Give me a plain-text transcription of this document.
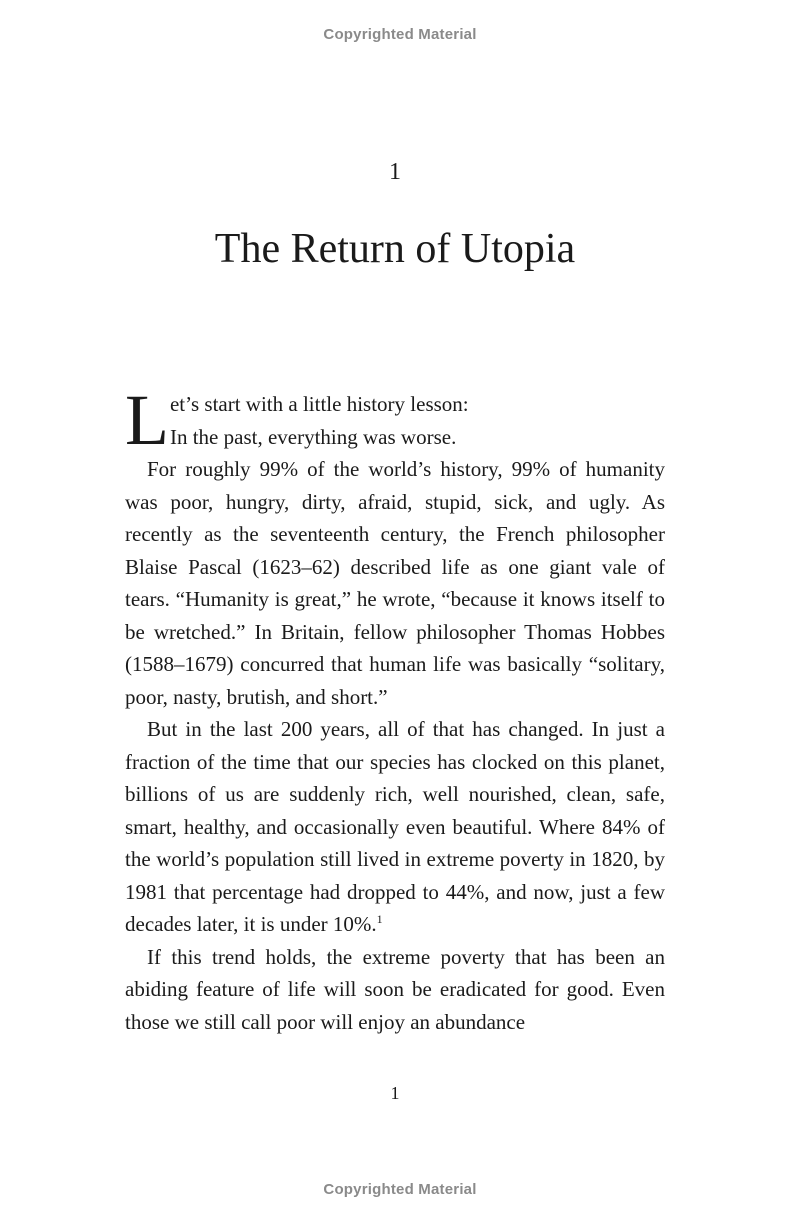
Copyrighted Material
1
The Return of Utopia

Let’s start with a little history lesson:
In the past, everything was worse.

For roughly 99% of the world’s history, 99% of humanity was poor, hungry, dirty, afraid, stupid, sick, and ugly. As recently as the seventeenth century, the French philosopher Blaise Pascal (1623–62) described life as one giant vale of tears. “Humanity is great,” he wrote, “because it knows itself to be wretched.” In Britain, fellow philosopher Thomas Hobbes (1588–1679) concurred that human life was basically “solitary, poor, nasty, brutish, and short.”

But in the last 200 years, all of that has changed. In just a fraction of the time that our species has clocked on this planet, billions of us are suddenly rich, well nourished, clean, safe, smart, healthy, and occasionally even beautiful. Where 84% of the world’s population still lived in extreme poverty in 1820, by 1981 that percentage had dropped to 44%, and now, just a few decades later, it is under 10%.$^1$

If this trend holds, the extreme poverty that has been an abiding feature of life will soon be eradicated for good. Even those we still call poor will enjoy an abundance

1
Copyrighted Material
